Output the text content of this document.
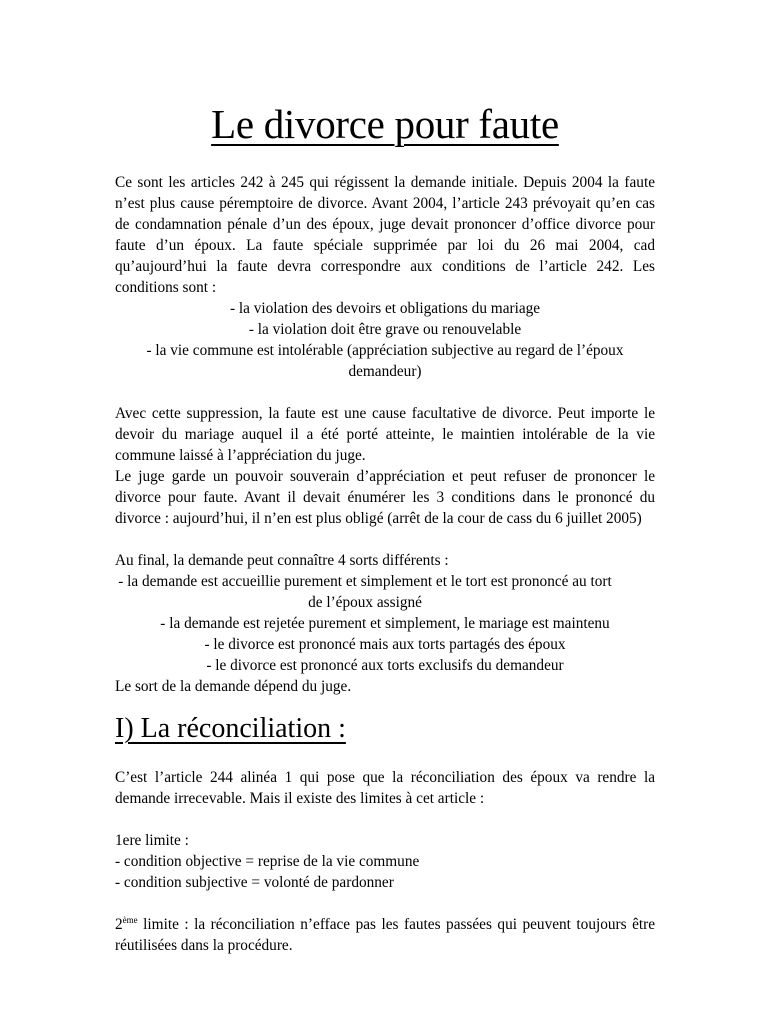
Le divorce pour faute

Ce sont les articles 242 à 245 qui régissent la demande initiale. Depuis 2004 la faute n’est plus cause péremptoire de divorce. Avant 2004, l’article 243 prévoyait qu’en cas de condamnation pénale d’un des époux, juge devait prononcer d’office divorce pour faute d’un époux. La faute spéciale supprimée par loi du 26 mai 2004, cad qu’aujourd’hui la faute devra correspondre aux conditions de l’article 242. Les conditions sont :

- la violation des devoirs et obligations du mariage

- la violation doit être grave ou renouvelable

- la vie commune est intolérable (appréciation subjective au regard de l’époux demandeur)

Avec cette suppression, la faute est une cause facultative de divorce. Peut importe le devoir du mariage auquel il a été porté atteinte, le maintien intolérable de la vie commune laissé à l’appréciation du juge.

Le juge garde un pouvoir souverain d’appréciation et peut refuser de prononcer le divorce pour faute. Avant il devait énumérer les 3 conditions dans le prononcé du divorce : aujourd’hui, il n’en est plus obligé (arrêt de la cour de cass du 6 juillet 2005)

Au final, la demande peut connaître 4 sorts différents :

- la demande est accueillie purement et simplement et le tort est prononcé au tort de l’époux assigné

- la demande est rejetée purement et simplement, le mariage est maintenu

- le divorce est prononcé mais aux torts partagés des époux

- le divorce est prononcé aux torts exclusifs du demandeur

Le sort de la demande dépend du juge.

I) La réconciliation :

C’est l’article 244 alinéa 1 qui pose que la réconciliation des époux va rendre la demande irrecevable. Mais il existe des limites à cet article :

1ere limite :

- condition objective = reprise de la vie commune

- condition subjective = volonté de pardonner

2ème limite : la réconciliation n’efface pas les fautes passées qui peuvent toujours être réutilisées dans la procédure.
